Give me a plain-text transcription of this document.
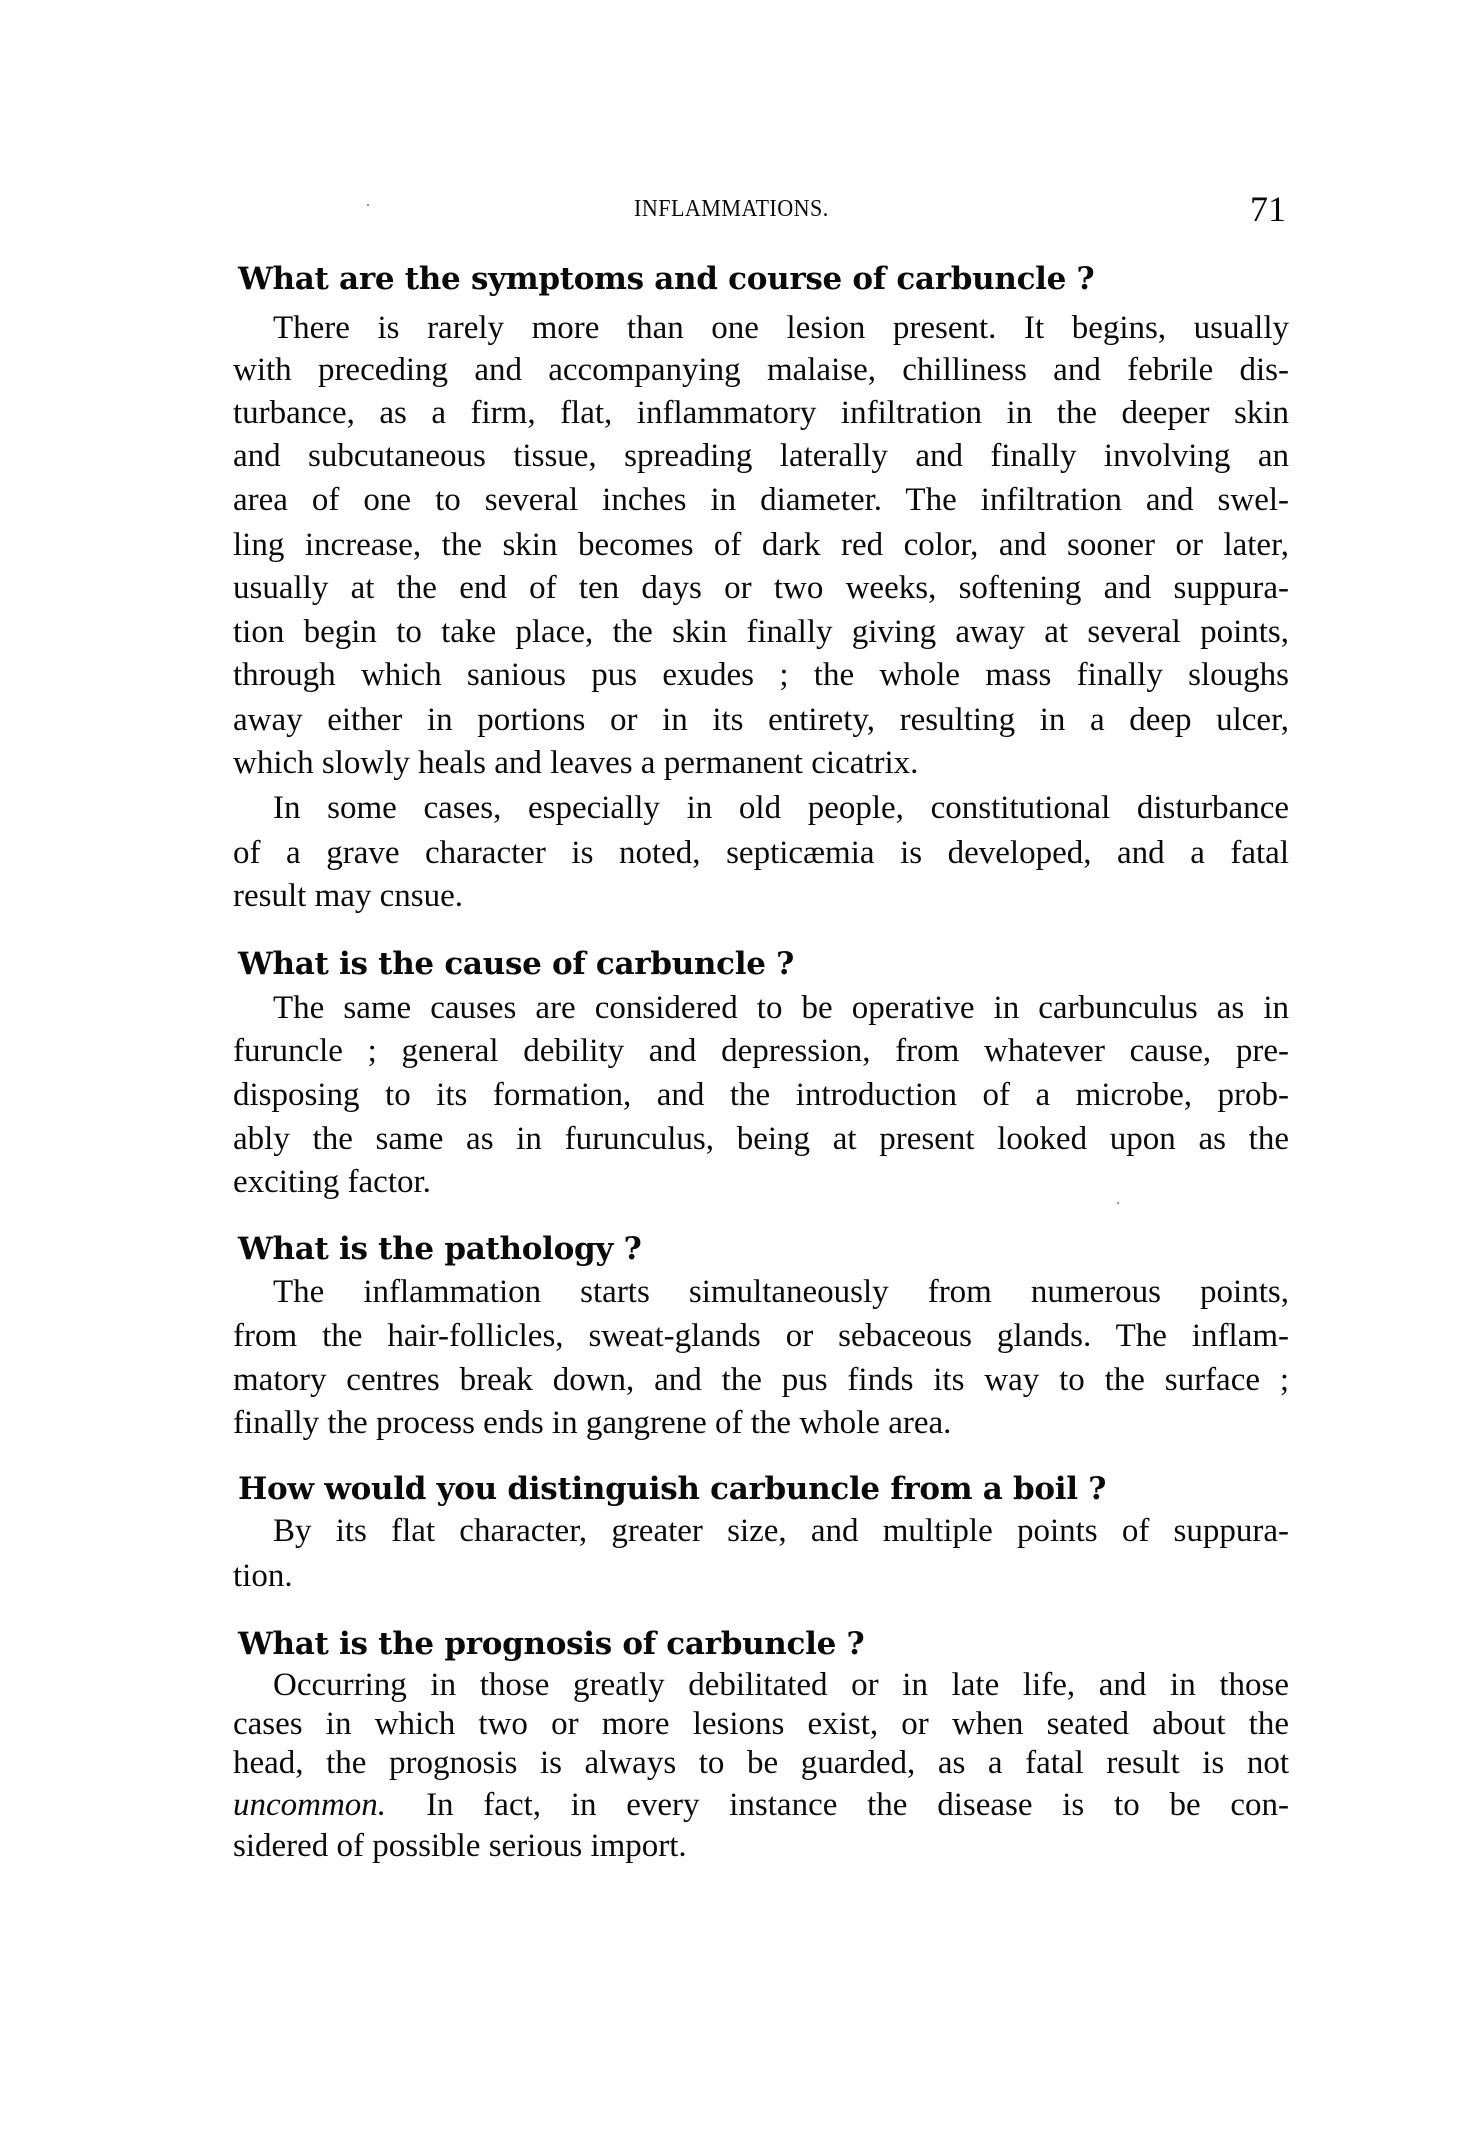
INFLAMMATIONS.	71
What are the symptoms and course of carbuncle ?
There is rarely more than one lesion present. It begins, usually
with preceding and accompanying malaise, chilliness and febrile dis-
turbance, as a firm, flat, inflammatory infiltration in the deeper skin
and subcutaneous tissue, spreading laterally and finally involving an
area of one to several inches in diameter. The infiltration and swel-
ling increase, the skin becomes of dark red color, and sooner or later,
usually at the end of ten days or two weeks, softening and suppura-
tion begin to take place, the skin finally giving away at several points,
through which sanious pus exudes ; the whole mass finally sloughs
away either in portions or in its entirety, resulting in a deep ulcer,
which slowly heals and leaves a permanent cicatrix.
In some cases, especially in old people, constitutional disturbance
of a grave character is noted, septicæmia is developed, and a fatal
result may cnsue.
What is the cause of carbuncle ?
The same causes are considered to be operative in carbunculus as in
furuncle ; general debility and depression, from whatever cause, pre-
disposing to its formation, and the introduction of a microbe, prob-
ably the same as in furunculus, being at present looked upon as the
exciting factor.
What is the pathology ?
The inflammation starts simultaneously from numerous points,
from the hair-follicles, sweat-glands or sebaceous glands. The inflam-
matory centres break down, and the pus finds its way to the surface ;
finally the process ends in gangrene of the whole area.
How would you distinguish carbuncle from a boil ?
By its flat character, greater size, and multiple points of suppura-
tion.
What is the prognosis of carbuncle ?
Occurring in those greatly debilitated or in late life, and in those
cases in which two or more lesions exist, or when seated about the
head, the prognosis is always to be guarded, as a fatal result is not
uncommon. In fact, in every instance the disease is to be con-
sidered of possible serious import.
